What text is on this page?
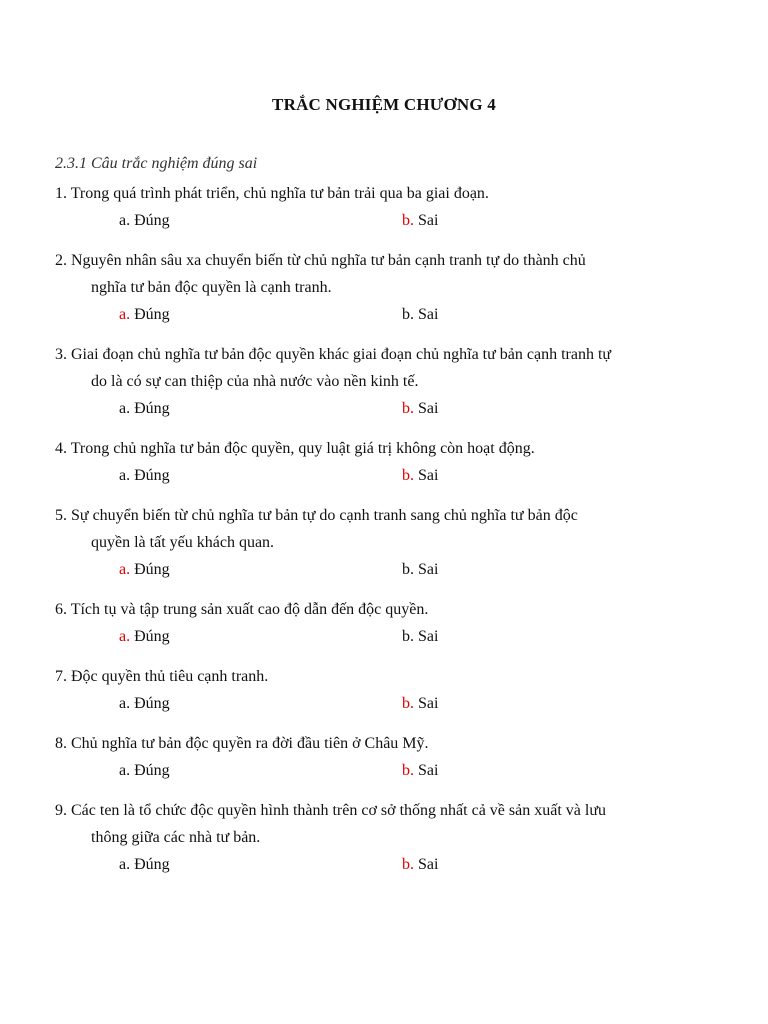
TRẮC NGHIỆM CHƯƠNG 4
2.3.1 Câu trắc nghiệm đúng sai
1. Trong quá trình phát triển, chủ nghĩa tư bản trải qua ba giai đoạn.
a. Đúng	b. Sai
2. Nguyên nhân sâu xa chuyển biến từ chủ nghĩa tư bản cạnh tranh tự do thành chủ
nghĩa tư bản độc quyền là cạnh tranh.
a. Đúng	b. Sai
3. Giai đoạn chủ nghĩa tư bản độc quyền khác giai đoạn chủ nghĩa tư bản cạnh tranh tự
do là có sự can thiệp của nhà nước vào nền kinh tế.
a. Đúng	b. Sai
4. Trong chủ nghĩa tư bản độc quyền, quy luật giá trị không còn hoạt động.
a. Đúng	b. Sai
5. Sự chuyển biến từ chủ nghĩa tư bản tự do cạnh tranh sang chủ nghĩa tư bản độc
quyền là tất yếu khách quan.
a. Đúng	b. Sai
6. Tích tụ và tập trung sản xuất cao độ dẫn đến độc quyền.
a. Đúng	b. Sai
7. Độc quyền thủ tiêu cạnh tranh.
a. Đúng	b. Sai
8. Chủ nghĩa tư bản độc quyền ra đời đầu tiên ở Châu Mỹ.
a. Đúng	b. Sai
9. Các ten là tổ chức độc quyền hình thành trên cơ sở thống nhất cả về sản xuất và lưu
thông giữa các nhà tư bản.
a. Đúng	b. Sai
